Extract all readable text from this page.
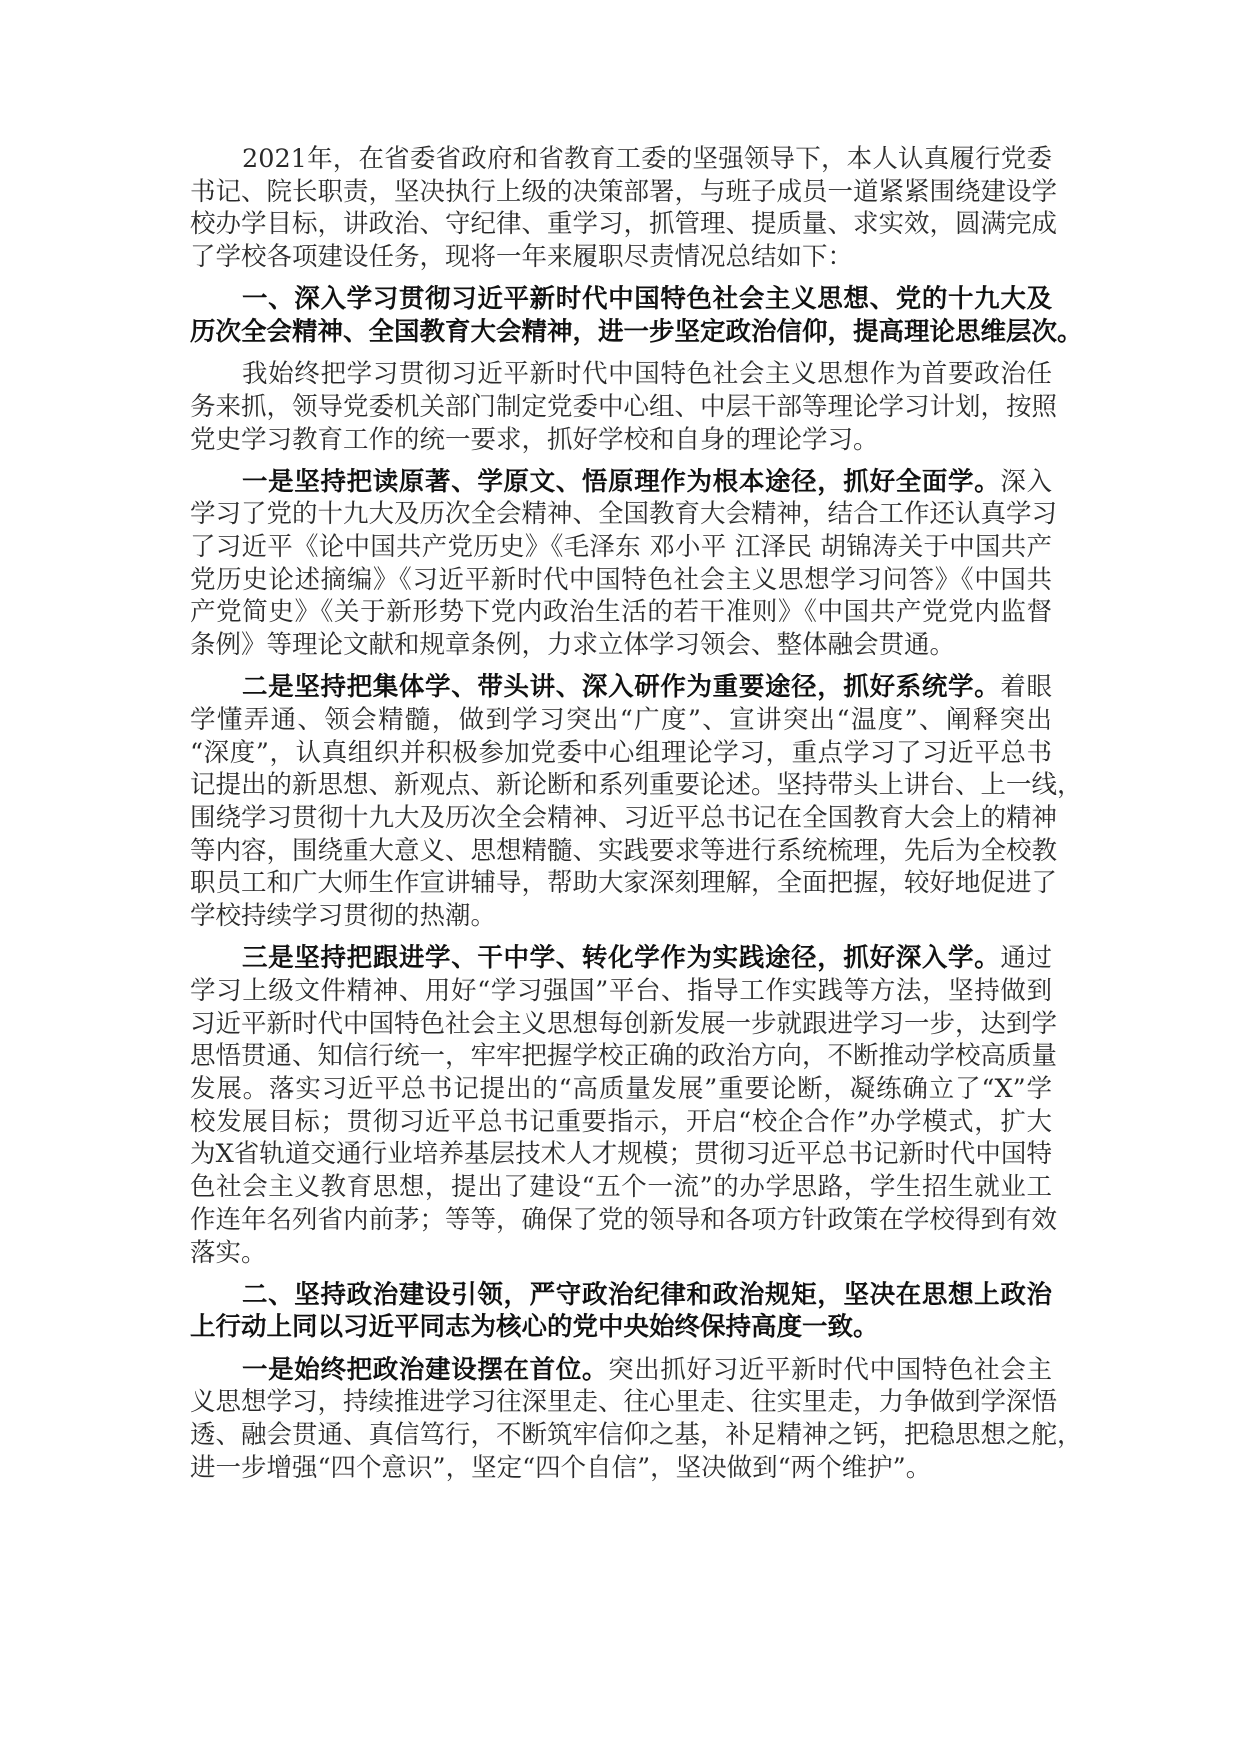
2021年，在省委省政府和省教育工委的坚强领导下，本人认真履行党委
书记、院长职责，坚决执行上级的决策部署，与班子成员一道紧紧围绕建设学
校办学目标，讲政治、守纪律、重学习，抓管理、提质量、求实效，圆满完成
了学校各项建设任务，现将一年来履职尽责情况总结如下：
一、深入学习贯彻习近平新时代中国特色社会主义思想、党的十九大及
历次全会精神、全国教育大会精神，进一步坚定政治信仰，提高理论思维层次。
我始终把学习贯彻习近平新时代中国特色社会主义思想作为首要政治任
务来抓，领导党委机关部门制定党委中心组、中层干部等理论学习计划，按照
党史学习教育工作的统一要求，抓好学校和自身的理论学习。
一是坚持把读原著、学原文、悟原理作为根本途径，抓好全面学。深入
学习了党的十九大及历次全会精神、全国教育大会精神，结合工作还认真学习
了习近平《论中国共产党历史》《毛泽东 邓小平 江泽民 胡锦涛关于中国共产
党历史论述摘编》《习近平新时代中国特色社会主义思想学习问答》《中国共
产党简史》《关于新形势下党内政治生活的若干准则》《中国共产党党内监督
条例》等理论文献和规章条例，力求立体学习领会、整体融会贯通。
二是坚持把集体学、带头讲、深入研作为重要途径，抓好系统学。着眼
学懂弄通、领会精髓，做到学习突出“广度”、宣讲突出“温度”、阐释突出
“深度”，认真组织并积极参加党委中心组理论学习，重点学习了习近平总书
记提出的新思想、新观点、新论断和系列重要论述。坚持带头上讲台、上一线，
围绕学习贯彻十九大及历次全会精神、习近平总书记在全国教育大会上的精神
等内容，围绕重大意义、思想精髓、实践要求等进行系统梳理，先后为全校教
职员工和广大师生作宣讲辅导，帮助大家深刻理解，全面把握，较好地促进了
学校持续学习贯彻的热潮。
三是坚持把跟进学、干中学、转化学作为实践途径，抓好深入学。通过
学习上级文件精神、用好“学习强国”平台、指导工作实践等方法，坚持做到
习近平新时代中国特色社会主义思想每创新发展一步就跟进学习一步，达到学
思悟贯通、知信行统一，牢牢把握学校正确的政治方向，不断推动学校高质量
发展。落实习近平总书记提出的“高质量发展”重要论断，凝练确立了“X”学
校发展目标；贯彻习近平总书记重要指示，开启“校企合作”办学模式，扩大
为X省轨道交通行业培养基层技术人才规模；贯彻习近平总书记新时代中国特
色社会主义教育思想，提出了建设“五个一流”的办学思路，学生招生就业工
作连年名列省内前茅；等等，确保了党的领导和各项方针政策在学校得到有效
落实。
二、坚持政治建设引领，严守政治纪律和政治规矩，坚决在思想上政治
上行动上同以习近平同志为核心的党中央始终保持高度一致。
一是始终把政治建设摆在首位。突出抓好习近平新时代中国特色社会主
义思想学习，持续推进学习往深里走、往心里走、往实里走，力争做到学深悟
透、融会贯通、真信笃行，不断筑牢信仰之基，补足精神之钙，把稳思想之舵，
进一步增强“四个意识”，坚定“四个自信”，坚决做到“两个维护”。
